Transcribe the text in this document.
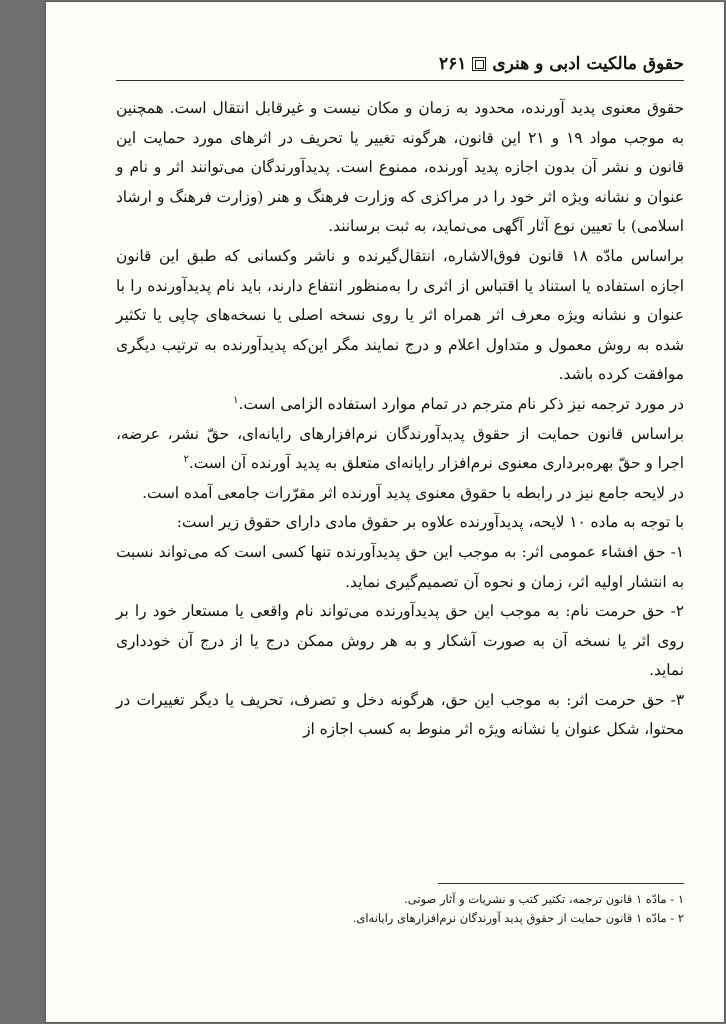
حقوق مالکیت ادبی و هنری
۲۶۱

حقوق معنوی پدید آورنده، محدود به زمان و مکان نیست و غیرقابل انتقال است. همچنین به موجب مواد ۱۹ و ۲۱ این قانون، هرگونه تغییر یا تحریف در اثرهای مورد حمایت این قانون و نشر آن بدون اجازه پدید آورنده، ممنوع است. پدیدآورندگان می‌توانند اثر و نام و عنوان و نشانه ویژه اثر خود را در مراکزی که وزارت فرهنگ و هنر (وزارت فرهنگ و ارشاد اسلامی) با تعیین نوع آثار آگهی می‌نماید، به ثبت برسانند.

براساس مادّه ۱۸ قانون فوق‌الاشاره، انتقال‌گیرنده و ناشر وکسانی که طبق این قانون اجازه استفاده یا استناد یا اقتباس از اثری را به‌منظور انتفاع دارند، باید نام پدیدآورنده را با عنوان و نشانه ویژه معرف اثر همراه اثر یا روی نسخه اصلی یا نسخه‌های چاپی یا تکثیر شده به روش معمول و متداول اعلام و درج نمایند مگر این‌که پدیدآورنده به ترتیب دیگری موافقت کرده باشد.

در مورد ترجمه نیز ذکر نام مترجم در تمام موارد استفاده الزامی است.$^۱$

براساس قانون حمایت از حقوق پدیدآورندگان نرم‌افزارهای رایانه‌ای، حقّ نشر، عرضه، اجرا و حقّ بهره‌برداری معنوی نرم‌افزار رایانه‌ای متعلق به پدید آورنده آن است.$^۲$

در لایحه جامع نیز در رابطه با حقوق معنوی پدید آورنده اثر مقرّرات جامعی آمده است.

با توجه به ماده ۱۰ لایحه، پدیدآورنده علاوه بر حقوق مادی دارای حقوق زیر است:

۱- حق افشاء عمومی اثر: به موجب این حق پدیدآورنده تنها کسی است که می‌تواند نسبت به انتشار اولیه اثر، زمان و نحوه آن تصمیم‌گیری نماید.

۲- حق حرمت نام: به موجب این حق پدیدآورنده می‌تواند نام واقعی یا مستعار خود را بر روی اثر یا نسخه آن به صورت آشکار و به هر روش ممکن درج یا از درج آن خودداری نماید.

۳- حق حرمت اثر: به موجب این حق، هرگونه دخل و تصرف، تحریف یا دیگر تغییرات در محتوا، شکل عنوان یا نشانه ویژه اثر منوط به کسب اجازه از

۱ - مادّه ۱ قانون ترجمه، تکثیر کتب و نشریات و آثار صوتی.
۲ - مادّه ۱ قانون حمایت از حقوق پدید آورندگان نرم‌افزارهای رایانه‌ای.
